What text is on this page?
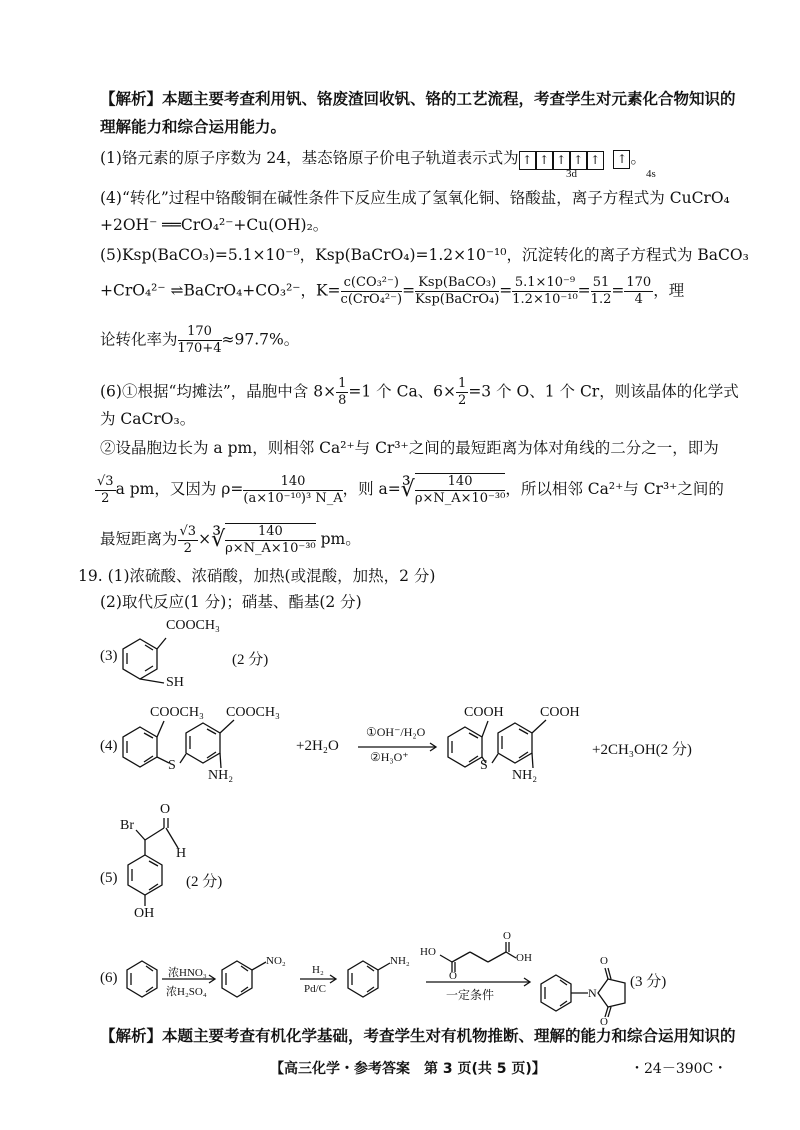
【解析】本题主要考查利用钒、铬废渣回收钒、铬的工艺流程，考查学生对元素化合物知识的
理解能力和综合运用能力。
(1)铬元素的原子序数为 24，基态铬原子价电子轨道表示式为 ↑ ↑ ↑ ↑ ↑ ↑ 。
3d	4s
(4)“转化”过程中铬酸铜在碱性条件下反应生成了氢氧化铜、铬酸盐，离子方程式为 CuCrO₄
+2OH⁻ ══CrO₄²⁻+Cu(OH)₂。
(5)Ksp(BaCO₃)=5.1×10⁻⁹，Ksp(BaCrO₄)=1.2×10⁻¹⁰，沉淀转化的离子方程式为 BaCO₃
+CrO₄²⁻ ⇌BaCrO₄+CO₃²⁻，$K= \frac{\text{c(CO₃²⁻)}}{\text{c(CrO₄²⁻)}} = \frac{\text{Ksp(BaCO₃)}}{\text{Ksp(BaCrO₄)}} = \frac{\text{5.1×10⁻⁹}}{\text{1.2×10⁻¹⁰}} = \frac{51}{1.2} = \frac{170}{4}$ ，理
论转化率为 $\frac{170}{170+4} \approx 97.7\%$。
(6)①根据“均摊法”，晶胞中含 $8\times \frac{1}{8} =1$ 个 Ca、$6\times \frac{1}{2} =3$ 个 O、1 个 Cr，则该晶体的化学式
为 CaCrO₃。
②设晶胞边长为 a pm，则相邻 Ca²⁺与 Cr³⁺之间的最短距离为体对角线的二分之一，即为
$\frac{√3}{2}$ a pm，又因为 $\rho= \frac{140}{\text{(a×10⁻¹⁰)³ N\_A}}$ ，则 a=∛ $\frac{140}{\text{ρ×N\_A×10⁻³⁰}}$ ，所以相邻 Ca²⁺与 Cr³⁺之间的
最短距离为 $\frac{√3}{2}$ ×∛ $\frac{140}{\text{ρ×N\_A×10⁻³⁰}}$ pm。
19. (1)浓硫酸、浓硝酸，加热(或混酸，加热，2 分)
(2)取代反应(1 分)；硝基、酯基(2 分)
(3)
COOCH₃
SH
(2 分)
(4)
COOCH₃ COOCH₃
S
NH₂
+2H₂O
①OH⁻/H₂O
②H₃O⁺
COOH	COOH
S
NH₂
+2CH₃OH(2 分)
(5)
Br
O
H
OH
(2 分)
(6)	浓HNO₃
浓H₂SO₄
NO₂
H₂
Pd/C
NH₂
HO
O
O
OH
一定条件	N
O
O
(3 分)
【解析】本题主要考查有机化学基础，考查学生对有机物推断、理解的能力和综合运用知识的
【高三化学・参考答案　第 3 页(共 5 页)】	・24－390C・
